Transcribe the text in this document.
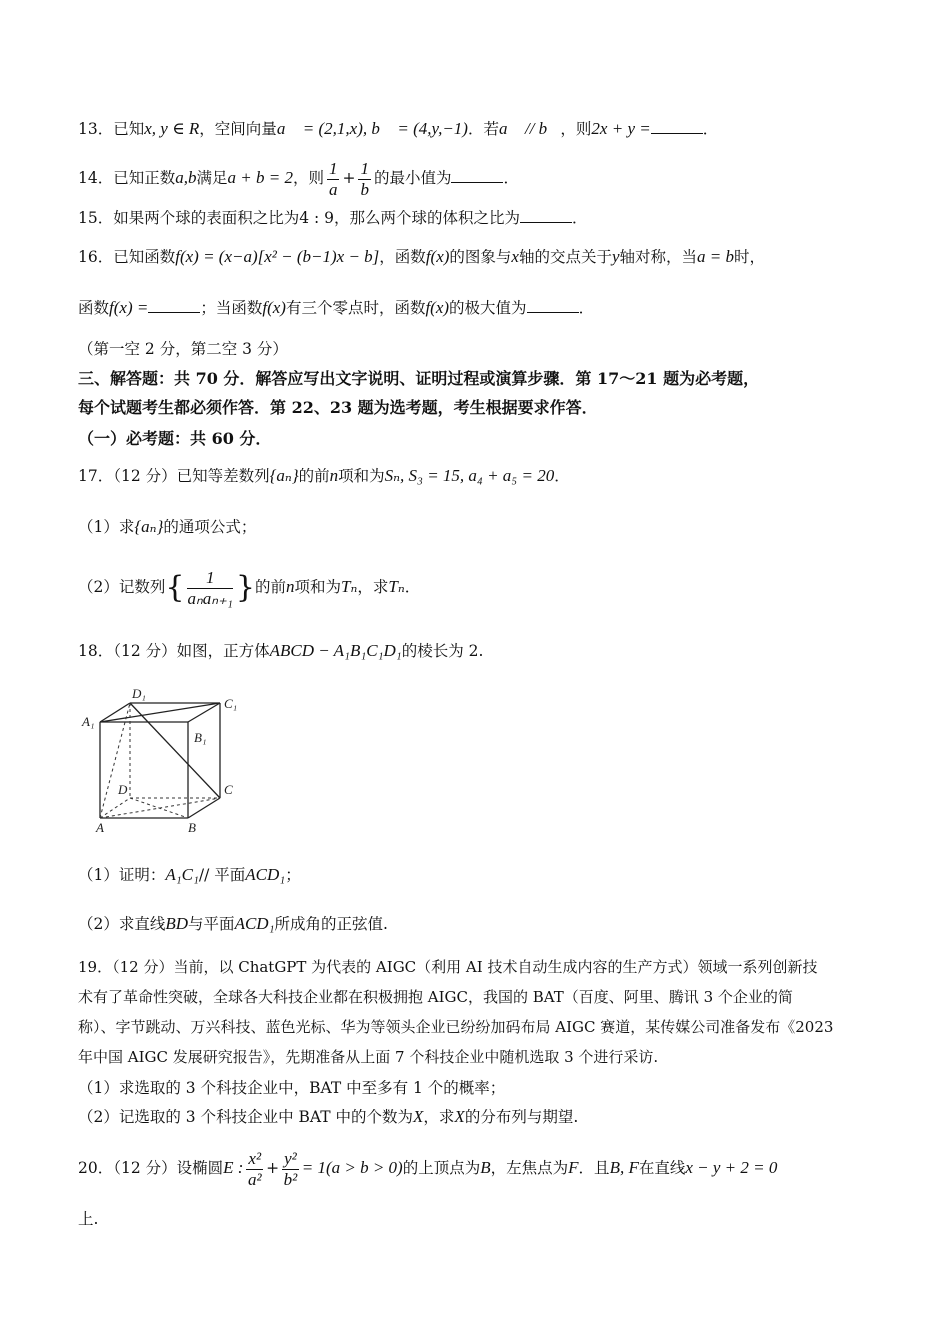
13．已知x, y ∈ R，空间向量a⃗ = (2,1,x), b⃗ = (4,y,−1)．若a⃗ // b⃗，则2x + y =	．
14．已知正数a,b满足a + b = 2，则 $\frac{1}{a} + \frac{1}{b}$ 的最小值为	．
15．如果两个球的表面积之比为4 : 9，那么两个球的体积之比为	．
16．已知函数f(x) = (x−a)[x² − (b−1)x − b]，函数f(x)的图象与x轴的交点关于y轴对称，当a = b时，
函数f(x) =	；当函数f(x)有三个零点时，函数f(x)的极大值为	．
（第一空 2 分，第二空 3 分）
三、解答题：共 70 分．解答应写出文字说明、证明过程或演算步骤．第 17～21 题为必考题，
每个试题考生都必须作答．第 22、23 题为选考题，考生根据要求作答．
（一）必考题：共 60 分．
17．（12 分）已知等差数列{aₙ}的前n项和为Sₙ, S₃ = 15, a₄ + a₅ = 20．
（1）求{aₙ}的通项公式；
（2）记数列{ $\frac{1}{\text{aₙaₙ₊₁}}$ }的前n项和为Tₙ，求Tₙ．
18．（12 分）如图，正方体ABCD − A₁B₁C₁D₁的棱长为 2.
A₁
D₁
C₁
B₁
D	C
A	B
（1）证明：A₁C₁// 平面ACD₁；
（2）求直线BD与平面ACD₁所成角的正弦值.
19．（12 分）当前，以 ChatGPT 为代表的 AIGC（利用 AI 技术自动生成内容的生产方式）领域一系列创新技
术有了革命性突破，全球各大科技企业都在积极拥抱 AIGC，我国的 BAT（百度、阿里、腾讯 3 个企业的简
称）、字节跳动、万兴科技、蓝色光标、华为等领头企业已纷纷加码布局 AIGC 赛道，某传媒公司准备发布《2023
年中国 AIGC 发展研究报告》，先期准备从上面 7 个科技企业中随机选取 3 个进行采访.
（1）求选取的 3 个科技企业中，BAT 中至多有 1 个的概率；
（2）记选取的 3 个科技企业中 BAT 中的个数为X，求X的分布列与期望.
20．（12 分）设椭圆E : $\frac{\text{x²}}{\text{a²}} + \frac{\text{y²}}{\text{b²}} = 1(a > b > 0)$的上顶点为B，左焦点为F．且B, F在直线x − y + 2 = 0
上.
